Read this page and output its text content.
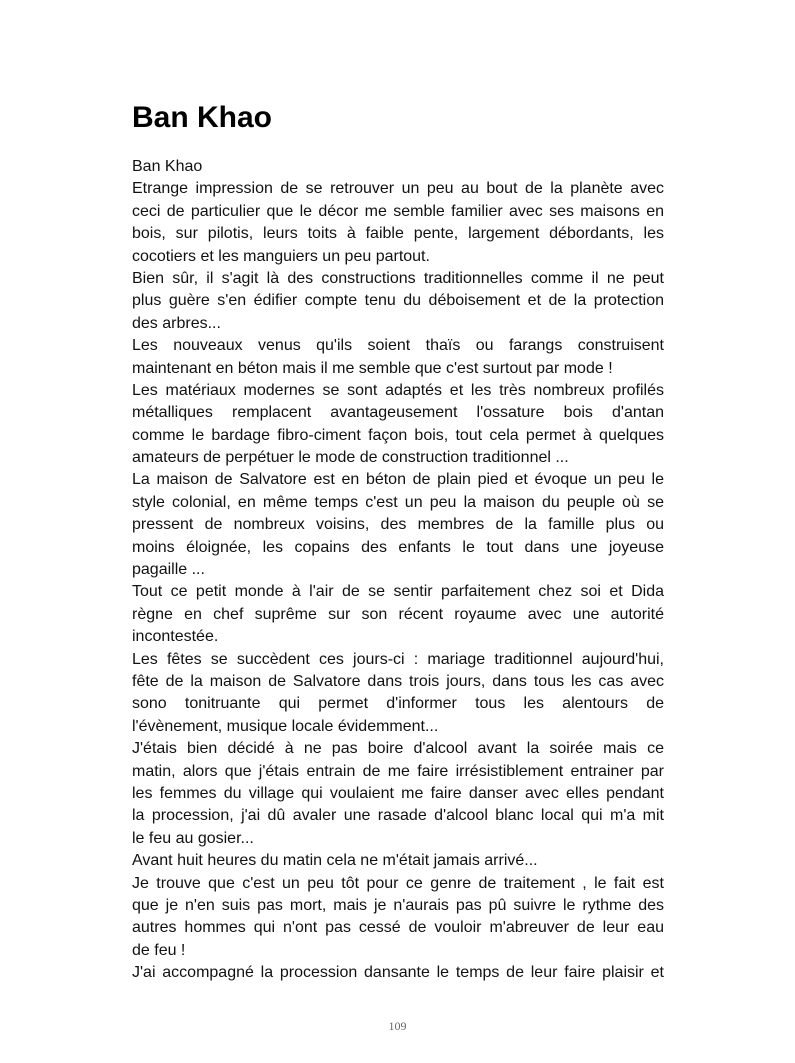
Ban Khao
Ban Khao
Etrange impression de se retrouver un peu au bout de la planète avec
ceci de particulier que le décor me semble familier avec ses maisons en
bois, sur pilotis, leurs toits à faible pente, largement débordants, les
cocotiers et les manguiers un peu partout.
Bien sûr, il s'agit là des constructions traditionnelles comme il ne peut
plus guère s'en édifier compte tenu du déboisement et de la protection
des arbres...
Les nouveaux venus qu'ils soient thaïs ou farangs construisent
maintenant en béton mais il me semble que c'est surtout par mode !
Les matériaux modernes se sont adaptés et les très nombreux profilés
métalliques remplacent avantageusement l'ossature bois d'antan
comme le bardage fibro-ciment façon bois, tout cela permet à quelques
amateurs de perpétuer le mode de construction traditionnel ...
La maison de Salvatore est en béton de plain pied et évoque un peu le
style colonial, en même temps c'est un peu la maison du peuple où se
pressent de nombreux voisins, des membres de la famille plus ou
moins éloignée, les copains des enfants le tout dans une joyeuse
pagaille ...
Tout ce petit monde à l'air de se sentir parfaitement chez soi et Dida
règne en chef suprême sur son récent royaume avec une autorité
incontestée.
Les fêtes se succèdent ces jours-ci : mariage traditionnel aujourd'hui,
fête de la maison de Salvatore dans trois jours, dans tous les cas avec
sono tonitruante qui permet d'informer tous les alentours de
l'évènement, musique locale évidemment...
J'étais bien décidé à ne pas boire d'alcool avant la soirée mais ce
matin, alors que j'étais entrain de me faire irrésistiblement entrainer par
les femmes du village qui voulaient me faire danser avec elles pendant
la procession, j'ai dû avaler une rasade d'alcool blanc local qui m'a mit
le feu au gosier...
Avant huit heures du matin cela ne m'était jamais arrivé...
Je trouve que c'est un peu tôt pour ce genre de traitement , le fait est
que je n'en suis pas mort, mais je n'aurais pas pû suivre le rythme des
autres hommes qui n'ont pas cessé de vouloir m'abreuver de leur eau
de feu !
J'ai accompagné la procession dansante le temps de leur faire plaisir et
109
